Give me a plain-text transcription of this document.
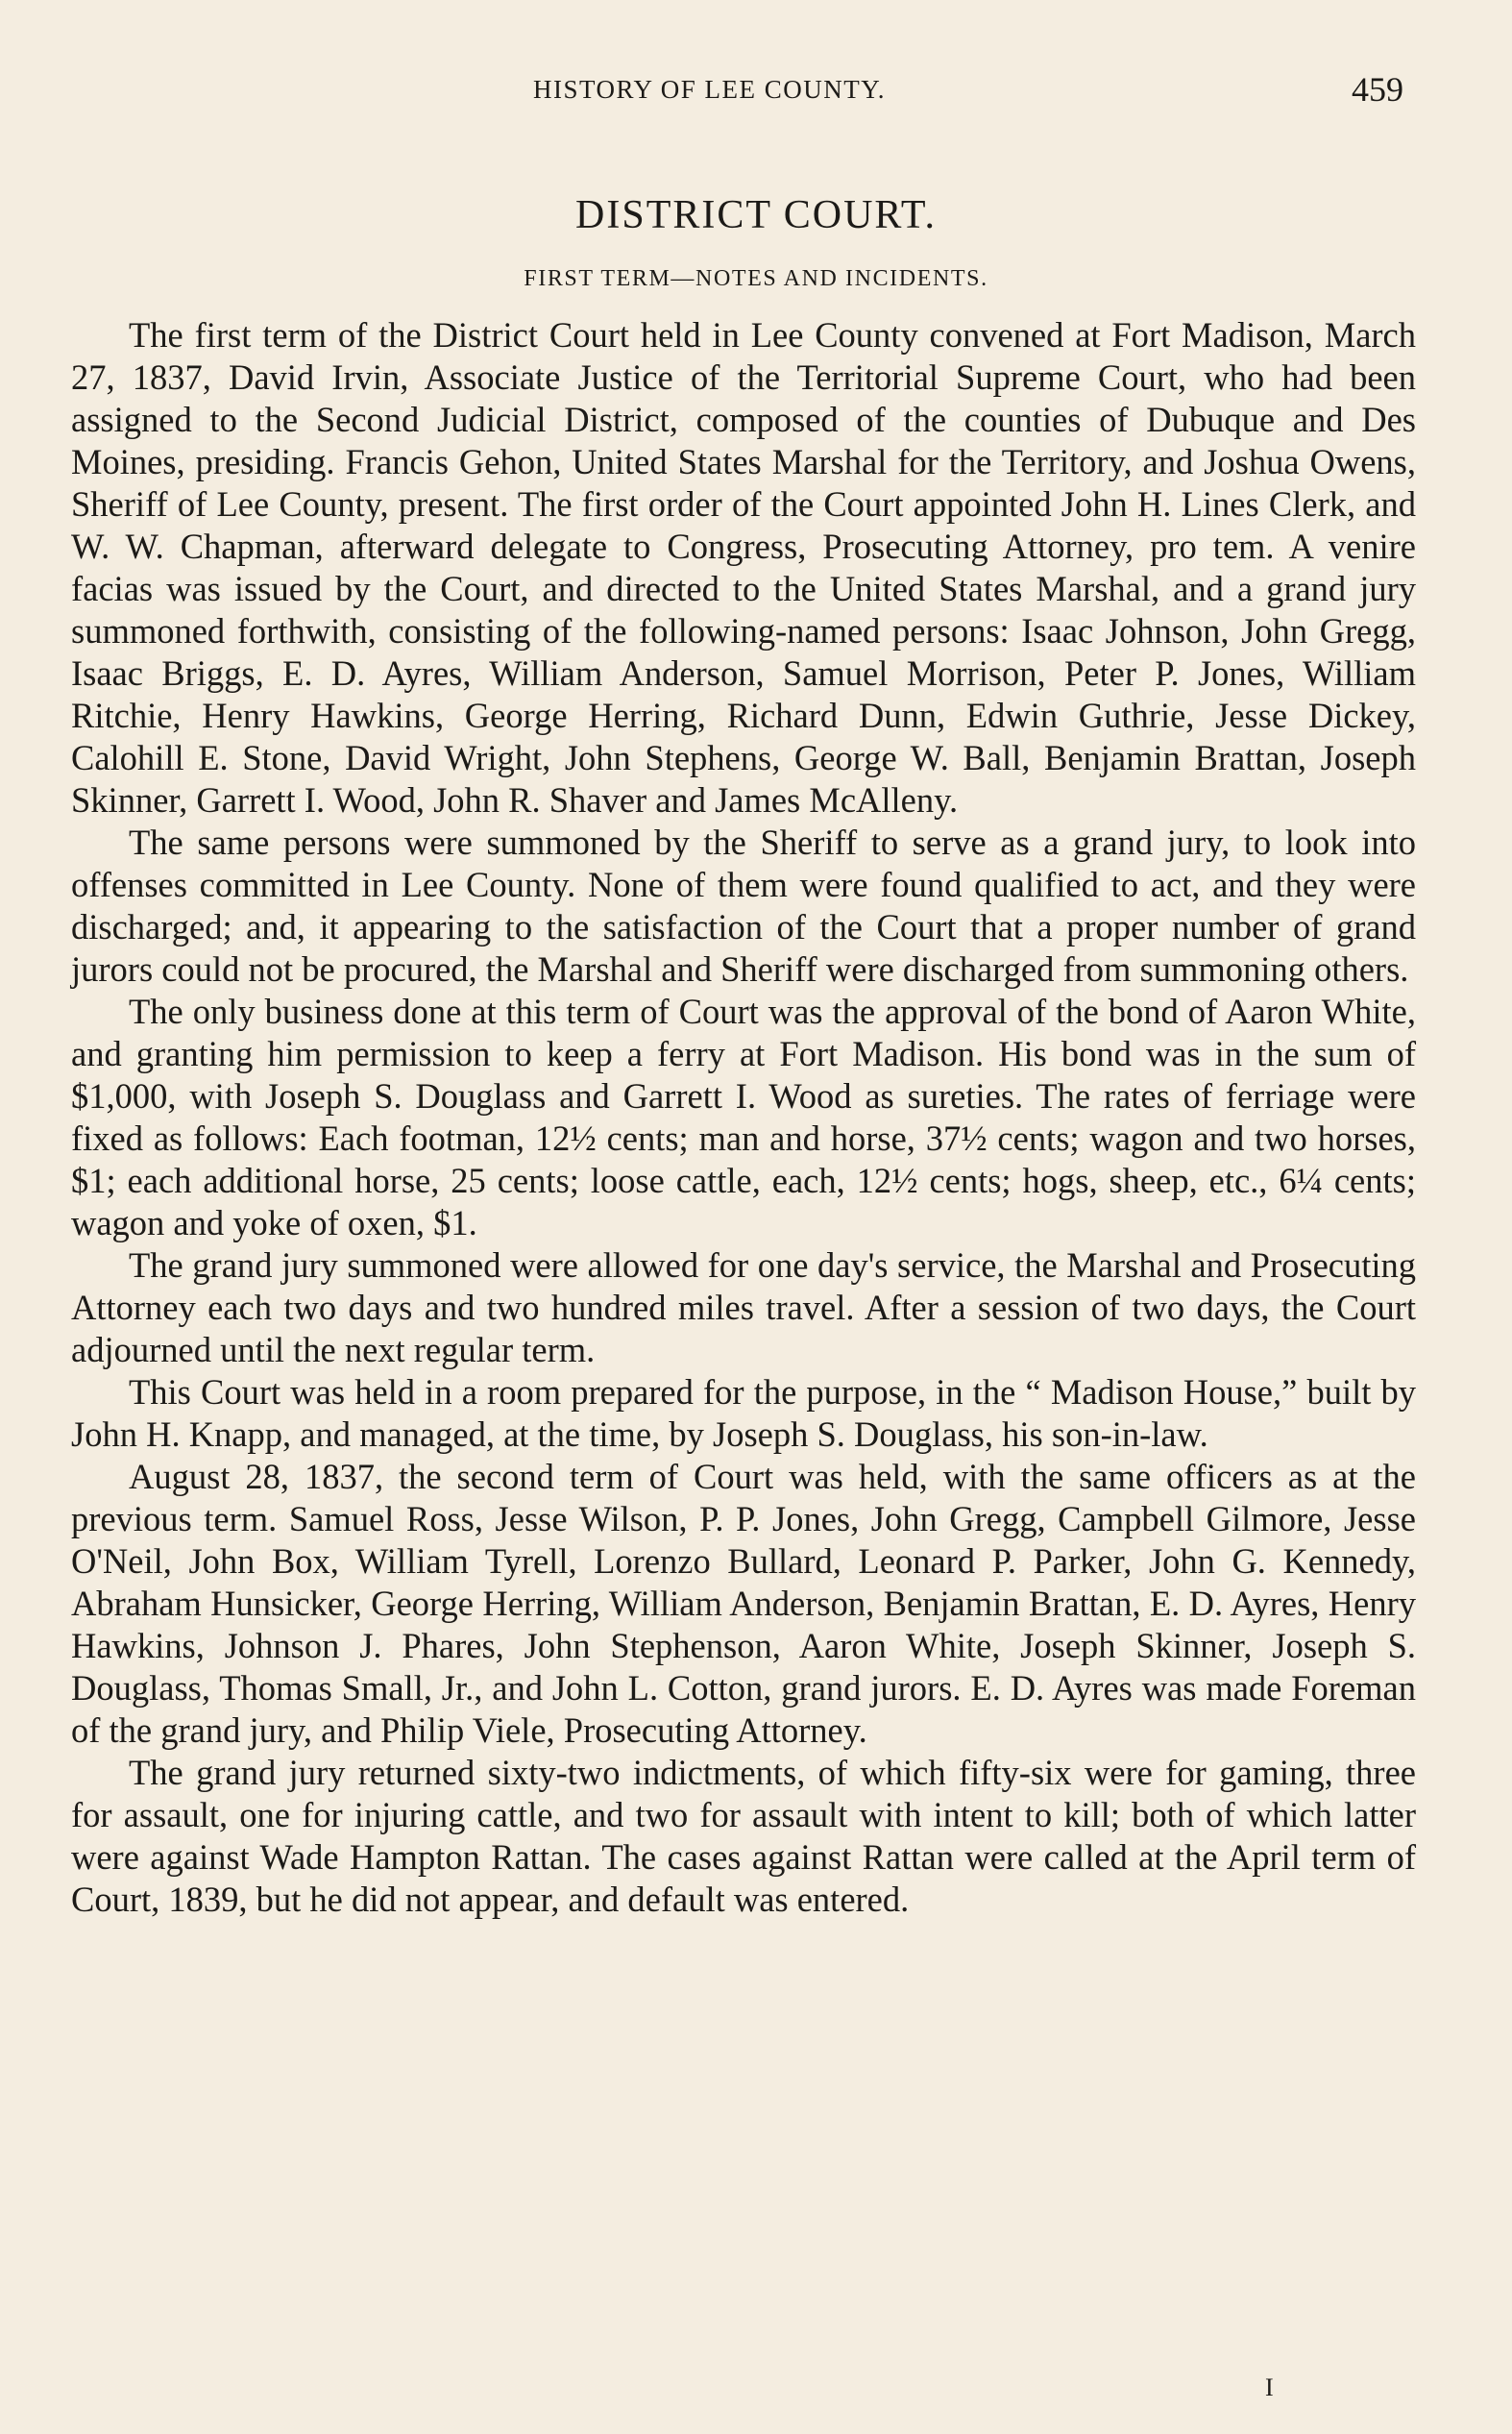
HISTORY OF LEE COUNTY.	459
DISTRICT COURT.
FIRST TERM—NOTES AND INCIDENTS.

The first term of the District Court held in Lee County convened at Fort Madison, March 27, 1837, David Irvin, Associate Justice of the Territorial Supreme Court, who had been assigned to the Second Judicial District, composed of the counties of Dubuque and Des Moines, presiding. Francis Gehon, United States Marshal for the Territory, and Joshua Owens, Sheriff of Lee County, present. The first order of the Court appointed John H. Lines Clerk, and W. W. Chapman, afterward delegate to Congress, Prosecuting Attorney, pro tem. A venire facias was issued by the Court, and directed to the United States Marshal, and a grand jury summoned forthwith, consisting of the following-named persons: Isaac Johnson, John Gregg, Isaac Briggs, E. D. Ayres, William Anderson, Samuel Morrison, Peter P. Jones, William Ritchie, Henry Hawkins, George Herring, Richard Dunn, Edwin Guthrie, Jesse Dickey, Calohill E. Stone, David Wright, John Stephens, George W. Ball, Benjamin Brattan, Joseph Skinner, Garrett I. Wood, John R. Shaver and James McAlleny.

The same persons were summoned by the Sheriff to serve as a grand jury, to look into offenses committed in Lee County. None of them were found qualified to act, and they were discharged; and, it appearing to the satisfaction of the Court that a proper number of grand jurors could not be procured, the Marshal and Sheriff were discharged from summoning others.

The only business done at this term of Court was the approval of the bond of Aaron White, and granting him permission to keep a ferry at Fort Madison. His bond was in the sum of $1,000, with Joseph S. Douglass and Garrett I. Wood as sureties. The rates of ferriage were fixed as follows: Each footman, 12½ cents; man and horse, 37½ cents; wagon and two horses, $1; each additional horse, 25 cents; loose cattle, each, 12½ cents; hogs, sheep, etc., 6¼ cents; wagon and yoke of oxen, $1.

The grand jury summoned were allowed for one day's service, the Marshal and Prosecuting Attorney each two days and two hundred miles travel. After a session of two days, the Court adjourned until the next regular term.

This Court was held in a room prepared for the purpose, in the “ Madison House,” built by John H. Knapp, and managed, at the time, by Joseph S. Douglass, his son-in-law.

August 28, 1837, the second term of Court was held, with the same officers as at the previous term. Samuel Ross, Jesse Wilson, P. P. Jones, John Gregg, Campbell Gilmore, Jesse O'Neil, John Box, William Tyrell, Lorenzo Bullard, Leonard P. Parker, John G. Kennedy, Abraham Hunsicker, George Herring, William Anderson, Benjamin Brattan, E. D. Ayres, Henry Hawkins, Johnson J. Phares, John Stephenson, Aaron White, Joseph Skinner, Joseph S. Douglass, Thomas Small, Jr., and John L. Cotton, grand jurors. E. D. Ayres was made Foreman of the grand jury, and Philip Viele, Prosecuting Attorney.

The grand jury returned sixty-two indictments, of which fifty-six were for gaming, three for assault, one for injuring cattle, and two for assault with intent to kill; both of which latter were against Wade Hampton Rattan. The cases against Rattan were called at the April term of Court, 1839, but he did not appear, and default was entered.

I
